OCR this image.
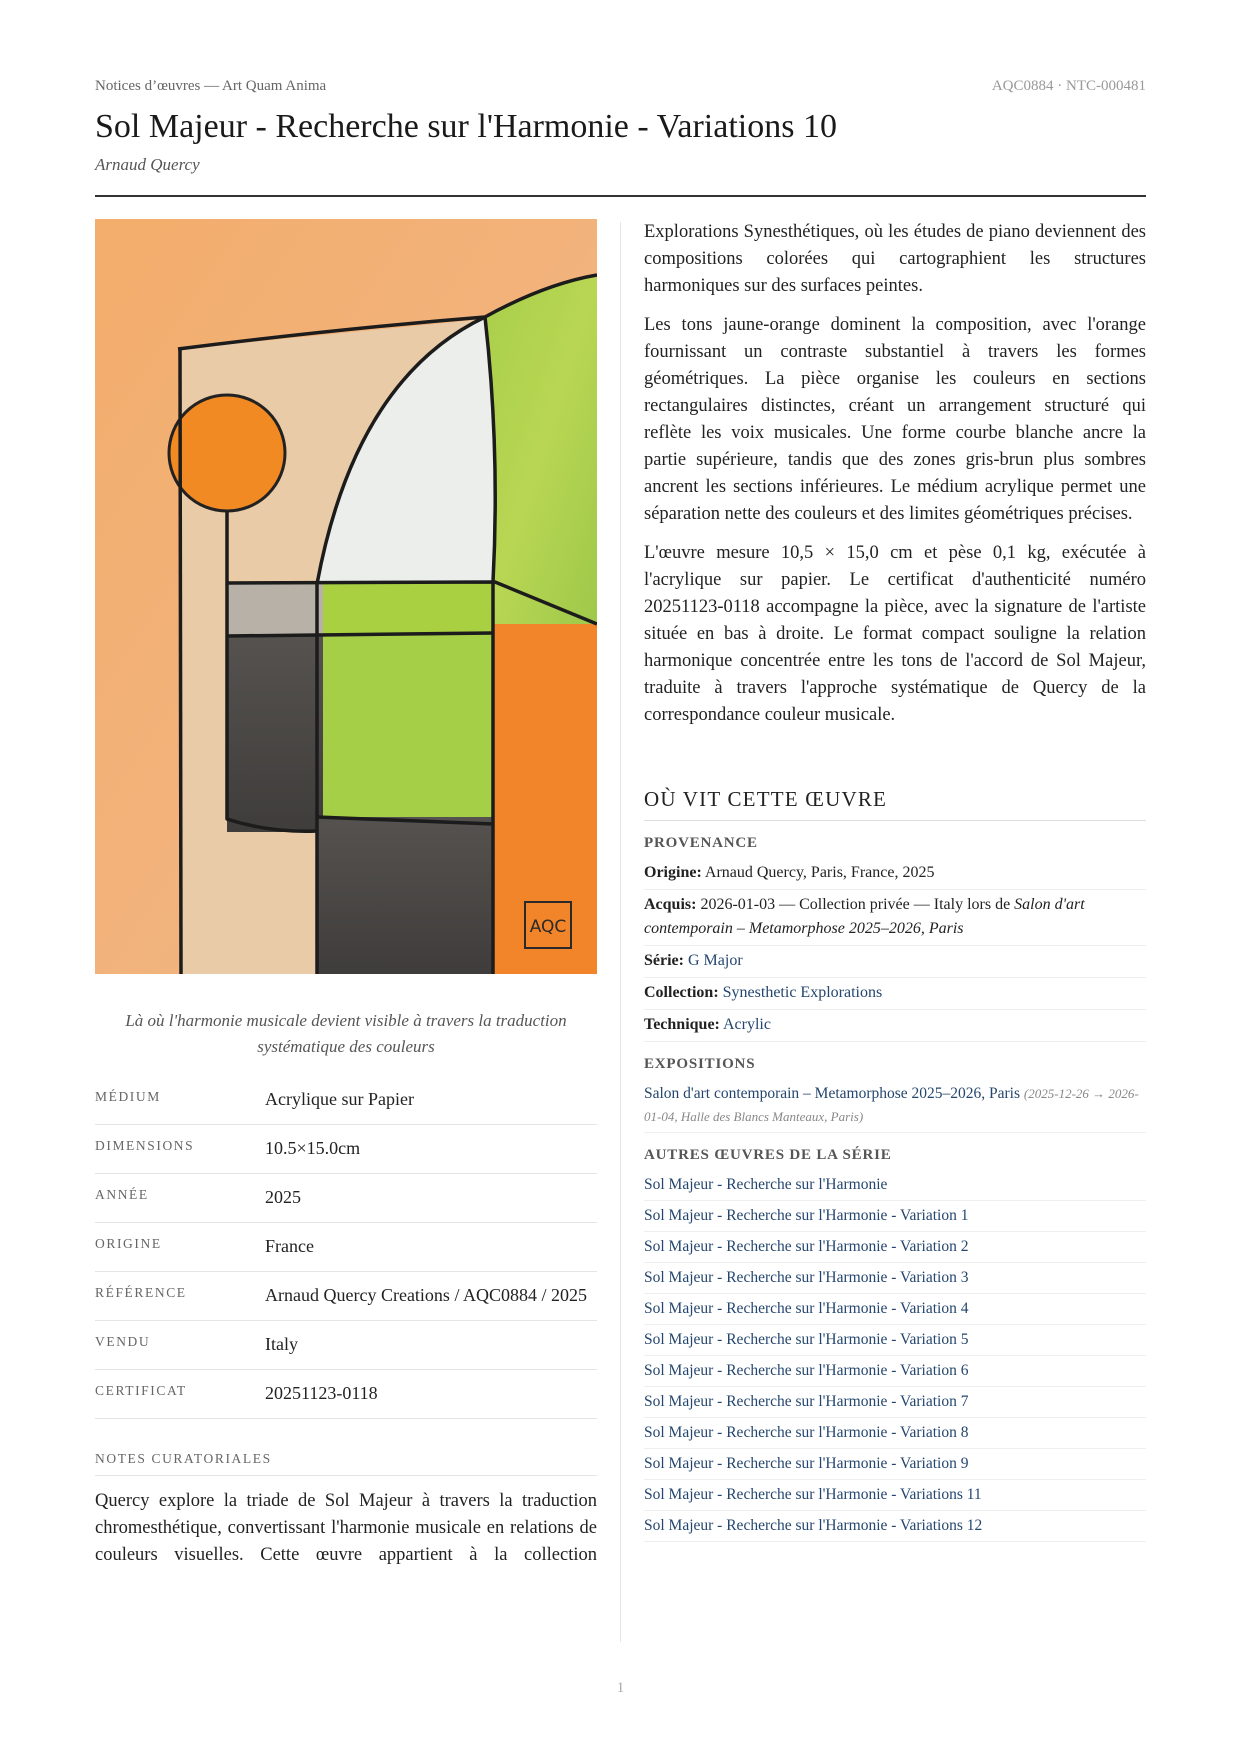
Notices d’œuvres — Art Quam Anima	AQC0884 · NTC-000481
Sol Majeur - Recherche sur l'Harmonie - Variations 10
Arnaud Quercy
AQC
Là où l'harmonie musicale devient visible à travers la traduction systématique des couleurs
MÉDIUM	Acrylique sur Papier
DIMENSIONS	10.5×15.0cm
ANNÉE	2025
ORIGINE	France
RÉFÉRENCE	Arnaud Quercy Creations / AQC0884 / 2025
VENDU	Italy
CERTIFICAT	20251123-0118
NOTES CURATORIALES
Quercy explore la triade de Sol Majeur à travers la traduction chromesthétique, convertissant l'harmonie musicale en relations de couleurs visuelles. Cette œuvre appartient à la collection

Explorations Synesthétiques, où les études de piano deviennent des compositions colorées qui cartographient les structures harmoniques sur des surfaces peintes.

Les tons jaune-orange dominent la composition, avec l'orange fournissant un contraste substantiel à travers les formes géométriques. La pièce organise les couleurs en sections rectangulaires distinctes, créant un arrangement structuré qui reflète les voix musicales. Une forme courbe blanche ancre la partie supérieure, tandis que des zones gris-brun plus sombres ancrent les sections inférieures. Le médium acrylique permet une séparation nette des couleurs et des limites géométriques précises.

L'œuvre mesure 10,5 × 15,0 cm et pèse 0,1 kg, exécutée à l'acrylique sur papier. Le certificat d'authenticité numéro 20251123-0118 accompagne la pièce, avec la signature de l'artiste située en bas à droite. Le format compact souligne la relation harmonique concentrée entre les tons de l'accord de Sol Majeur, traduite à travers l'approche systématique de Quercy de la correspondance couleur musicale.

OÙ VIT CETTE ŒUVRE
PROVENANCE
Origine: Arnaud Quercy, Paris, France, 2025
Acquis: 2026-01-03 — Collection privée — Italy lors de Salon d'art contemporain – Metamorphose 2025–2026, Paris
Série: G Major
Collection: Synesthetic Explorations
Technique: Acrylic
EXPOSITIONS
Salon d'art contemporain – Metamorphose 2025–2026, Paris (2025-12-26 → 2026-01-04, Halle des Blancs Manteaux, Paris)
AUTRES ŒUVRES DE LA SÉRIE
Sol Majeur - Recherche sur l'Harmonie
Sol Majeur - Recherche sur l'Harmonie - Variation 1
Sol Majeur - Recherche sur l'Harmonie - Variation 2
Sol Majeur - Recherche sur l'Harmonie - Variation 3
Sol Majeur - Recherche sur l'Harmonie - Variation 4
Sol Majeur - Recherche sur l'Harmonie - Variation 5
Sol Majeur - Recherche sur l'Harmonie - Variation 6
Sol Majeur - Recherche sur l'Harmonie - Variation 7
Sol Majeur - Recherche sur l'Harmonie - Variation 8
Sol Majeur - Recherche sur l'Harmonie - Variation 9
Sol Majeur - Recherche sur l'Harmonie - Variations 11
Sol Majeur - Recherche sur l'Harmonie - Variations 12
1
